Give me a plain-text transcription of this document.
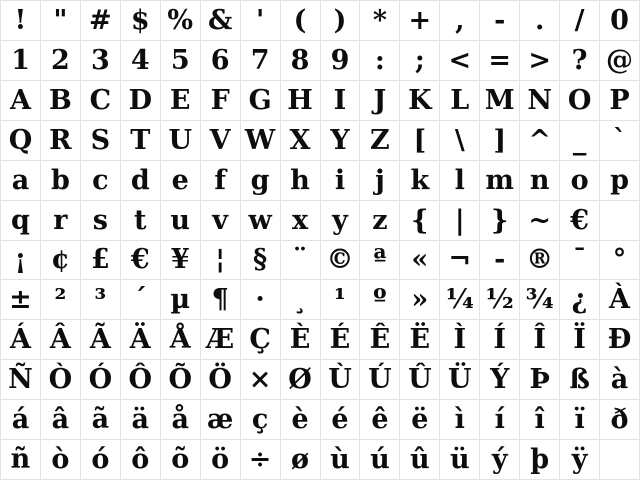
! " # $ % & '	(	) * + ,	-	.	/ 0
1 2 3 4 5 6 7 8 9 :	; < = > ? @
A B C D E F G H I	J K L M N O P
Q R S T U V W X Y Z [	\	] ^ _ `
a b c d e f g h i	j k l m n o p
q r s t u v w x y z { | } ~ €
¡ ¢ £ € ¥ ¦	§ ¨ © ª « ¬ - ® ¯ °
± ²	³	´ µ ¶ ·	¸	¹	º » ¼ ½ ¾ ¿ À
Á Â Ã Ä Å Æ Ç È É Ê Ë Ì	Í	Î	Ï Ð
Ñ Ò Ó Ô Õ Ö × Ø Ù Ú Û Ü Ý Þ ß à
á â ã ä å æ ç è é ê ë ì	í	î	ï ð
ñ ò ó ô õ ö ÷ ø ù ú û ü ý þ ÿ
